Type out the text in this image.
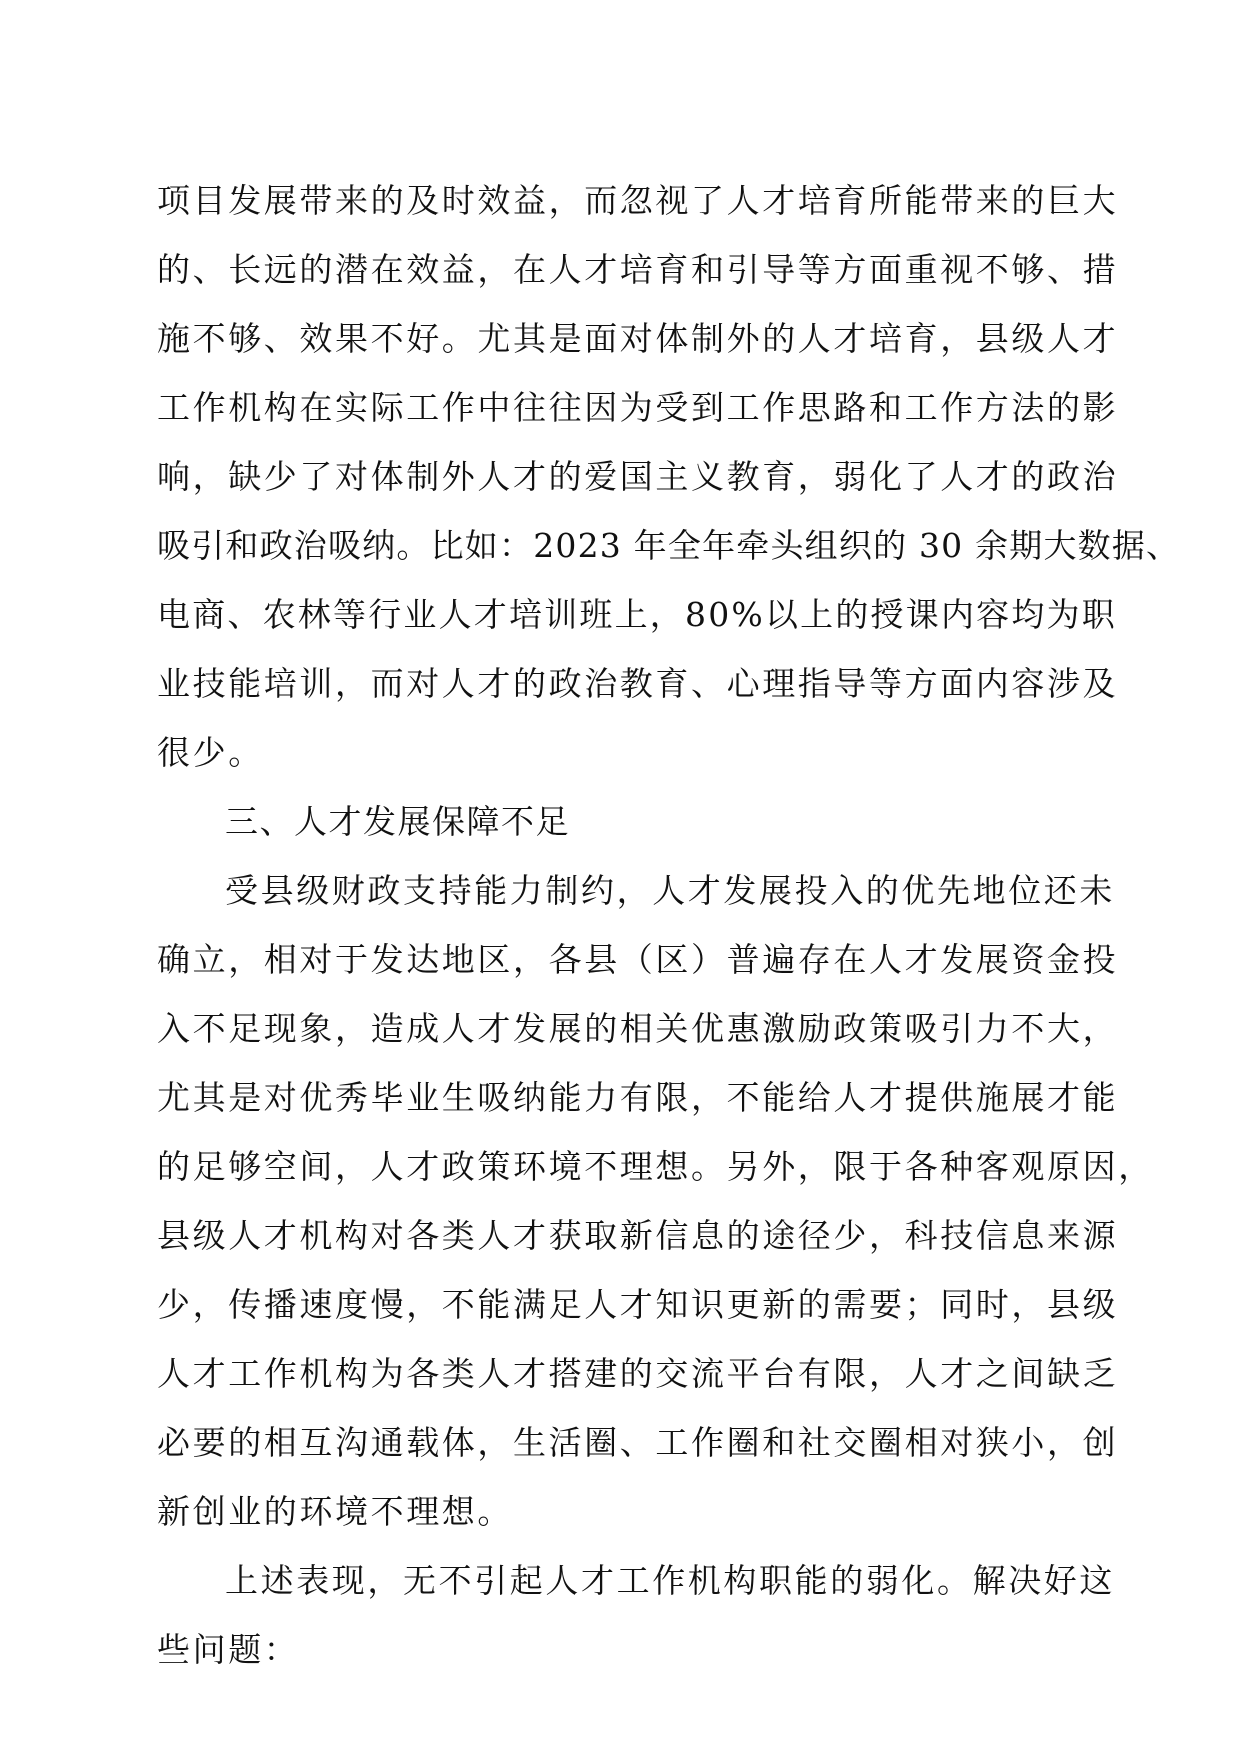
项目发展带来的及时效益，而忽视了人才培育所能带来的巨大
的、长远的潜在效益，在人才培育和引导等方面重视不够、措
施不够、效果不好。尤其是面对体制外的人才培育，县级人才
工作机构在实际工作中往往因为受到工作思路和工作方法的影
响，缺少了对体制外人才的爱国主义教育，弱化了人才的政治
吸引和政治吸纳。比如：2023 年全年牵头组织的 30 余期大数据、
电商、农林等行业人才培训班上，80%以上的授课内容均为职
业技能培训，而对人才的政治教育、心理指导等方面内容涉及
很少。
三、人才发展保障不足
受县级财政支持能力制约，人才发展投入的优先地位还未
确立，相对于发达地区，各县（区）普遍存在人才发展资金投
入不足现象，造成人才发展的相关优惠激励政策吸引力不大，
尤其是对优秀毕业生吸纳能力有限，不能给人才提供施展才能
的足够空间，人才政策环境不理想。另外，限于各种客观原因，
县级人才机构对各类人才获取新信息的途径少，科技信息来源
少，传播速度慢，不能满足人才知识更新的需要；同时，县级
人才工作机构为各类人才搭建的交流平台有限，人才之间缺乏
必要的相互沟通载体，生活圈、工作圈和社交圈相对狭小，创
新创业的环境不理想。
上述表现，无不引起人才工作机构职能的弱化。解决好这
些问题：
